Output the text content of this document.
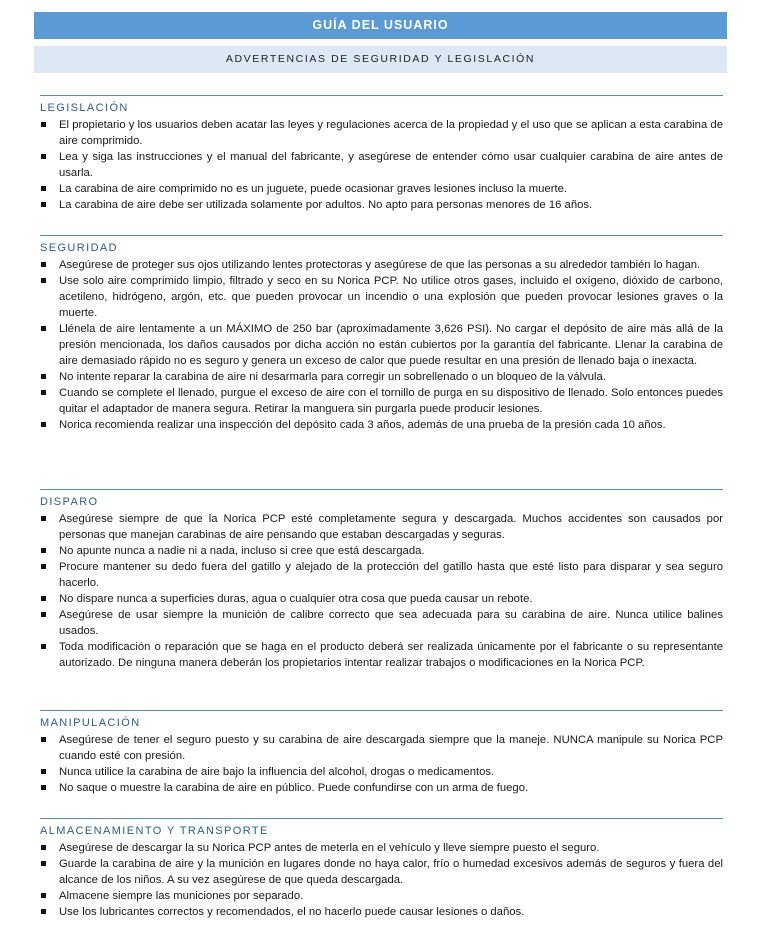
GUÍA DEL USUARIO
ADVERTENCIAS DE SEGURIDAD Y LEGISLACIÓN
LEGISLACIÓN
El propietario y los usuarios deben acatar las leyes y regulaciones acerca de la propiedad y el uso que se aplican a esta carabina de aire comprimido.
Lea y siga las instrucciones y el manual del fabricante, y asegúrese de entender cómo usar cualquier carabina de aire antes de usarla.
La carabina de aire comprimido no es un juguete, puede ocasionar graves lesiones incluso la muerte.
La carabina de aire debe ser utilizada solamente por adultos. No apto para personas menores de 16 años.
SEGURIDAD
Asegúrese de proteger sus ojos utilizando lentes protectoras y asegúrese de que las personas a su alrededor también lo hagan.
Use solo aire comprimido limpio, filtrado y seco en su Norica PCP. No utilice otros gases, incluido el oxígeno, dióxido de carbono, acetileno, hidrógeno, argón, etc. que pueden provocar un incendio o una explosión que pueden provocar lesiones graves o la muerte.
Llénela de aire lentamente a un MÁXIMO de 250 bar (aproximadamente 3,626 PSI). No cargar el depósito de aire más allá de la presión mencionada, los daños causados por dicha acción no están cubiertos por la garantía del fabricante. Llenar la carabina de aire demasiado rápido no es seguro y genera un exceso de calor que puede resultar en una presión de llenado baja o inexacta.
No intente reparar la carabina de aire ni desarmarla para corregir un sobrellenado o un bloqueo de la válvula.
Cuando se complete el llenado, purgue el exceso de aire con el tornillo de purga en su dispositivo de llenado. Solo entonces puedes quitar el adaptador de manera segura. Retirar la manguera sin purgarla puede producir lesiones.
Norica recomienda realizar una inspección del depósito cada 3 años, además de una prueba de la presión cada 10 años.
DISPARO
Asegúrese siempre de que la Norica PCP esté completamente segura y descargada. Muchos accidentes son causados por personas que manejan carabinas de aire pensando que estaban descargadas y seguras.
No apunte nunca a nadie ni a nada, incluso si cree que está descargada.
Procure mantener su dedo fuera del gatillo y alejado de la protección del gatillo hasta que esté listo para disparar y sea seguro hacerlo.
No dispare nunca a superficies duras, agua o cualquier otra cosa que pueda causar un rebote.
Asegúrese de usar siempre la munición de calibre correcto que sea adecuada para su carabina de aire. Nunca utilice balines usados.
Toda modificación o reparación que se haga en el producto deberá ser realizada únicamente por el fabricante o su representante autorizado. De ninguna manera deberán los propietarios intentar realizar trabajos o modificaciones en la Norica PCP.
MANIPULACIÓN
Asegúrese de tener el seguro puesto y su carabina de aire descargada siempre que la maneje. NUNCA manipule su Norica PCP cuando esté con presión.
Nunca utilice la carabina de aire bajo la influencia del alcohol, drogas o medicamentos.
No saque o muestre la carabina de aire en público. Puede confundirse con un arma de fuego.
ALMACENAMIENTO Y TRANSPORTE
Asegúrese de descargar la su Norica PCP antes de meterla en el vehículo y lleve siempre puesto el seguro.
Guarde la carabina de aire y la munición en lugares donde no haya calor, frío o humedad excesivos además de seguros y fuera del alcance de los niños. A su vez asegúrese de que queda descargada.
Almacene siempre las municiones por separado.
Use los lubricantes correctos y recomendados, el no hacerlo puede causar lesiones o daños.
